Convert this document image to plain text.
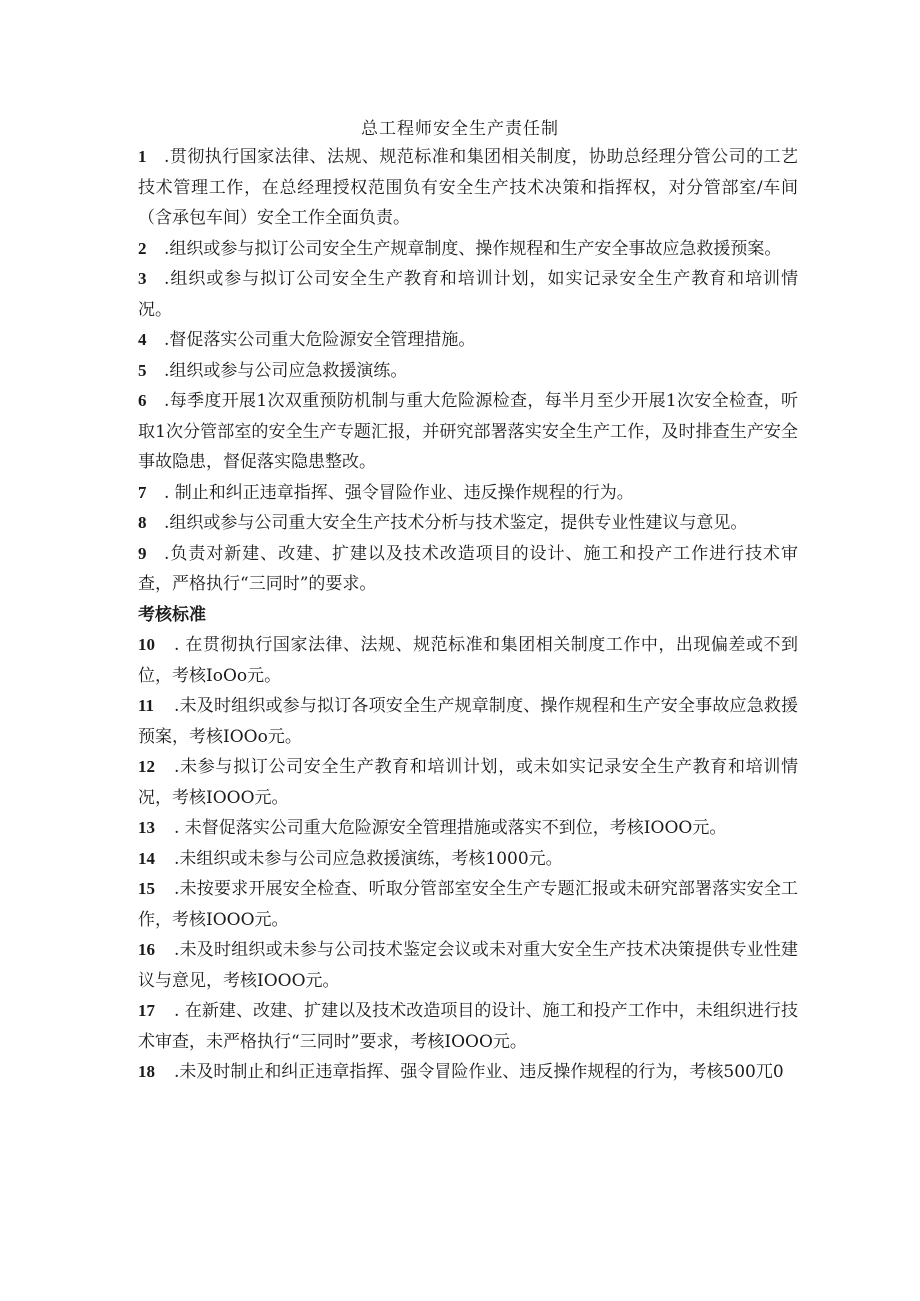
总工程师安全生产责任制

1 .贯彻执行国家法律、法规、规范标准和集团相关制度，协助总经理分管公司的工艺技术管理工作，在总经理授权范围负有安全生产技术决策和指挥权，对分管部室/车间（含承包车间）安全工作全面负责。

2 .组织或参与拟订公司安全生产规章制度、操作规程和生产安全事故应急救援预案。

3 .组织或参与拟订公司安全生产教育和培训计划，如实记录安全生产教育和培训情况。

4 .督促落实公司重大危险源安全管理措施。

5 .组织或参与公司应急救援演练。

6 .每季度开展1次双重预防机制与重大危险源检查，每半月至少开展1次安全检查，听取1次分管部室的安全生产专题汇报，并研究部署落实安全生产工作，及时排查生产安全事故隐患，督促落实隐患整改。

7 . 制止和纠正违章指挥、强令冒险作业、违反操作规程的行为。

8 .组织或参与公司重大安全生产技术分析与技术鉴定，提供专业性建议与意见。

9 .负责对新建、改建、扩建以及技术改造项目的设计、施工和投产工作进行技术审查，严格执行“三同时”的要求。

考核标准

10 . 在贯彻执行国家法律、法规、规范标准和集团相关制度工作中，出现偏差或不到位，考核IoOo元。

11 .未及时组织或参与拟订各项安全生产规章制度、操作规程和生产安全事故应急救援预案，考核IOOo元。

12 .未参与拟订公司安全生产教育和培训计划，或未如实记录安全生产教育和培训情况，考核IOOO元。

13 . 未督促落实公司重大危险源安全管理措施或落实不到位，考核IOOO元。

14 .未组织或未参与公司应急救援演练，考核1000元。

15 .未按要求开展安全检查、听取分管部室安全生产专题汇报或未研究部署落实安全工作，考核IOOO元。

16 .未及时组织或未参与公司技术鉴定会议或未对重大安全生产技术决策提供专业性建议与意见，考核IOOO元。

17 . 在新建、改建、扩建以及技术改造项目的设计、施工和投产工作中，未组织进行技术审查，未严格执行“三同时”要求，考核IOOO元。

18 .未及时制止和纠正违章指挥、强令冒险作业、违反操作规程的行为，考核500兀0
